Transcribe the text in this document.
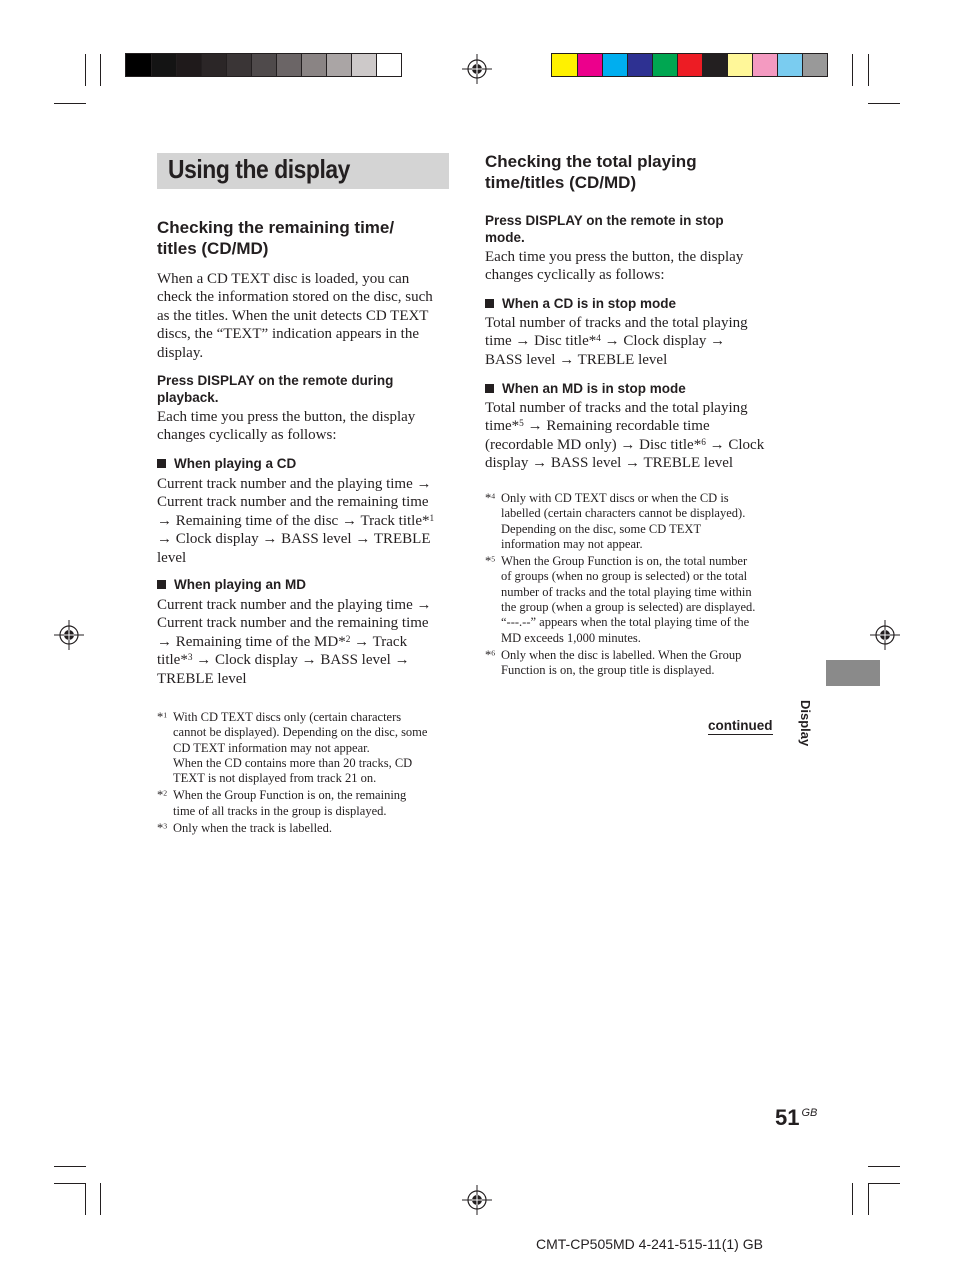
Using the display
Checking the remaining time/
titles (CD/MD)
When a CD TEXT disc is loaded, you can
check the information stored on the disc, such
as the titles. When the unit detects CD TEXT
discs, the “TEXT” indication appears in the
display.
Press DISPLAY on the remote during
playback.
Each time you press the button, the display
changes cyclically as follows:
When playing a CD
Current track number and the playing time →
Current track number and the remaining time
→ Remaining time of the disc → Track title*$^1$
→ Clock display → BASS level → TREBLE
level
When playing an MD
Current track number and the playing time →
Current track number and the remaining time
→ Remaining time of the MD*$^2$ → Track
title*$^3$ → Clock display → BASS level →
TREBLE level
*$^1$ With CD TEXT discs only (certain characters
cannot be displayed). Depending on the disc, some
CD TEXT information may not appear.
When the CD contains more than 20 tracks, CD
TEXT is not displayed from track 21 on.
*$^2$ When the Group Function is on, the remaining
time of all tracks in the group is displayed.
*$^3$ Only when the track is labelled.
Checking the total playing
time/titles (CD/MD)
Press DISPLAY on the remote in stop
mode.
Each time you press the button, the display
changes cyclically as follows:
When a CD is in stop mode
Total number of tracks and the total playing
time → Disc title*$^4$ → Clock display →
BASS level → TREBLE level
When an MD is in stop mode
Total number of tracks and the total playing
time*$^5$ → Remaining recordable time
(recordable MD only) → Disc title*$^6$ → Clock
display → BASS level → TREBLE level
*$^4$ Only with CD TEXT discs or when the CD is
labelled (certain characters cannot be displayed).
Depending on the disc, some CD TEXT
information may not appear.
*$^5$ When the Group Function is on, the total number
of groups (when no group is selected) or the total
number of tracks and the total playing time within
the group (when a group is selected) are displayed.
“---.--” appears when the total playing time of the
MD exceeds 1,000 minutes.
*$^6$ Only when the disc is labelled. When the Group
Function is on, the group title is displayed.
Display
continued
51 $^{GB}$
CMT-CP505MD 4-241-515-11(1) GB
